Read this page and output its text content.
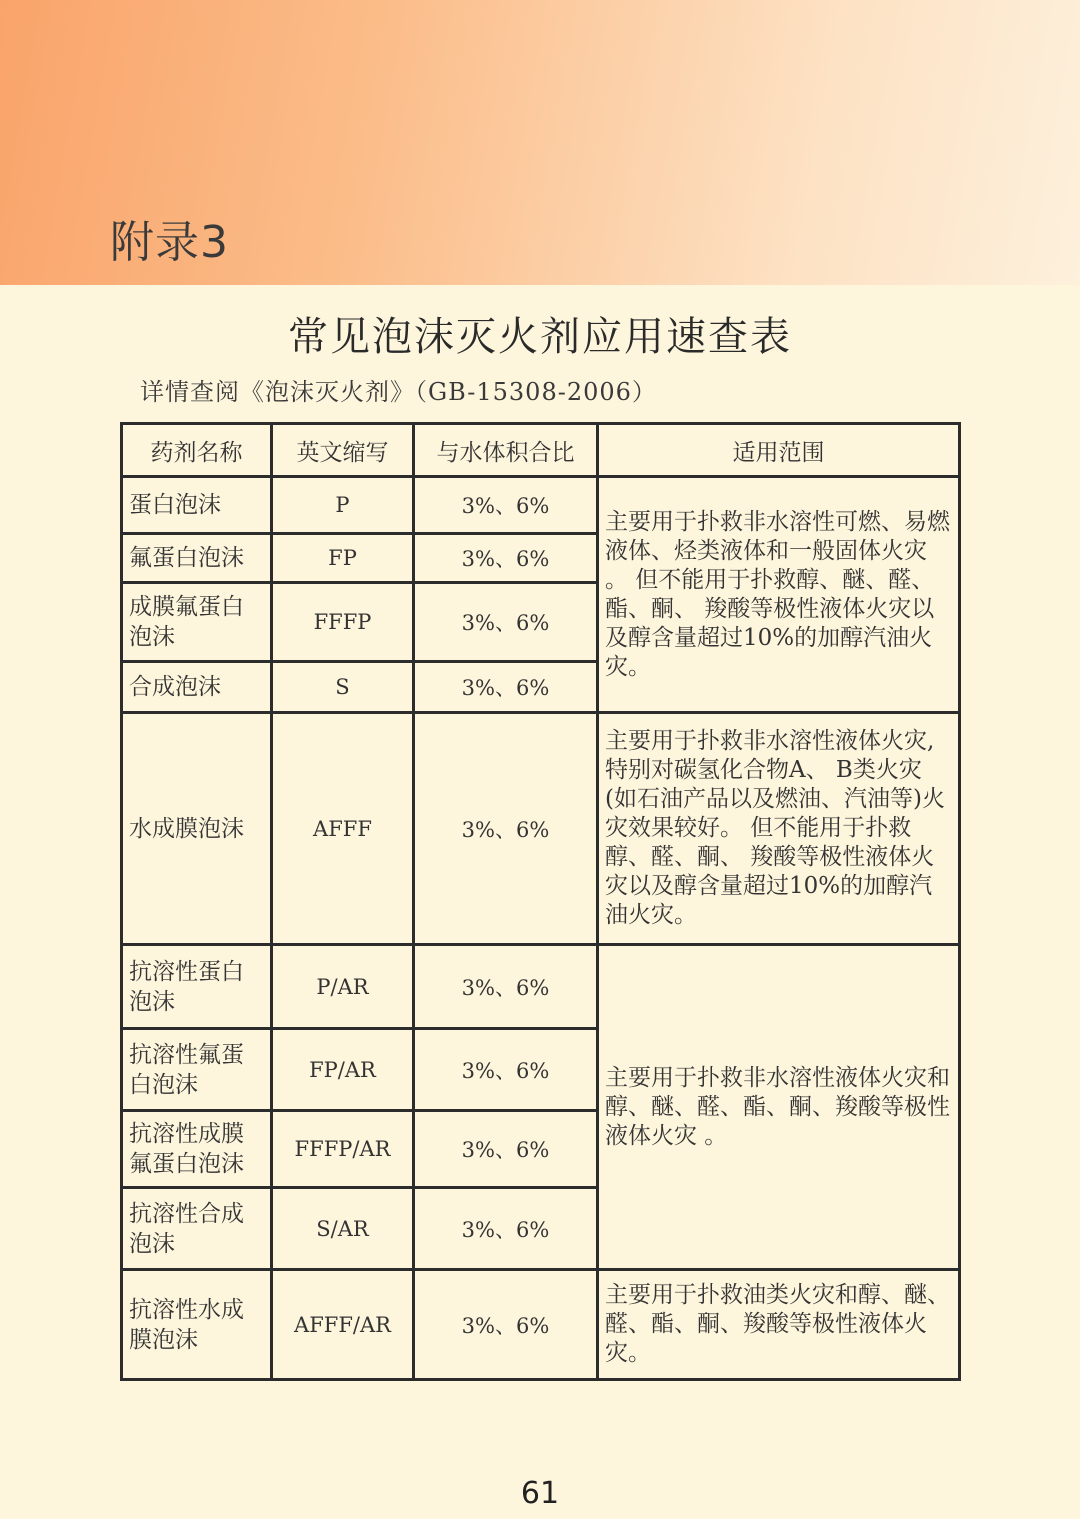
附录3
常见泡沫灭火剂应用速查表
详情查阅《泡沫灭火剂》（GB-15308-2006）
药剂名称	英文缩写	与水体积合比	适用范围
蛋白泡沫	P	3%、6%	主要用于扑救非水溶性可燃、易燃液体、烃类液体和一般固体火灾 。 但不能用于扑救醇、醚、醛、酯、酮、 羧酸等极性液体火灾以及醇含量超过10%的加醇汽油火灾。
氟蛋白泡沫	FP	3%、6%	
成膜氟蛋白泡沫	FFFP	3%、6%	
合成泡沫	S	3%、6%	
水成膜泡沫	AFFF	3%、6%	主要用于扑救非水溶性液体火灾,特别对碳氢化合物A、 B类火灾(如石油产品以及燃油、汽油等)火灾效果较好。 但不能用于扑救醇、醛、酮、 羧酸等极性液体火灾以及醇含量超过10%的加醇汽油火灾。
抗溶性蛋白泡沫	P/AR	3%、6%	主要用于扑救非水溶性液体火灾和醇、醚、醛、酯、酮、羧酸等极性液体火灾 。
抗溶性氟蛋白泡沫	FP/AR	3%、6%	
抗溶性成膜氟蛋白泡沫	FFFP/AR	3%、6%	
抗溶性合成泡沫	S/AR	3%、6%	
抗溶性水成膜泡沫	AFFF/AR	3%、6%	主要用于扑救油类火灾和醇、醚、醛、酯、酮、羧酸等极性液体火灾。
61
